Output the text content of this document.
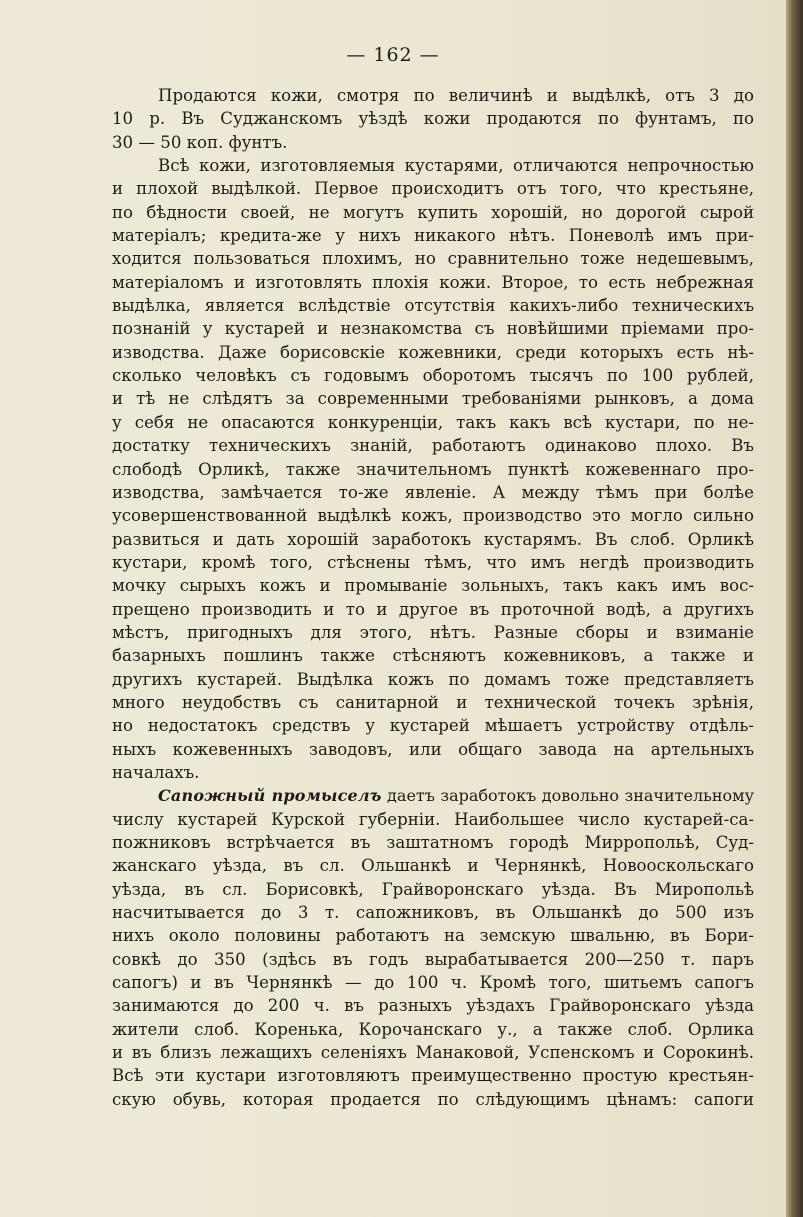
— 162 —
Продаются кожи, смотря по величинѣ и выдѣлкѣ, отъ 3 до
10 р. Въ Суджанскомъ уѣздѣ кожи продаются по фунтамъ, по
30 — 50 коп. фунтъ.
Всѣ кожи, изготовляемыя кустарями, отличаются непрочностью
и плохой выдѣлкой. Первое происходитъ отъ того, что крестьяне,
по бѣдности своей, не могутъ купить хорошій, но дорогой сырой
матеріалъ; кредита-же у нихъ никакого нѣтъ. Поневолѣ имъ при-
ходится пользоваться плохимъ, но сравнительно тоже недешевымъ,
матеріаломъ и изготовлять плохія кожи. Второе, то есть небрежная
выдѣлка, является вслѣдствіе отсутствія какихъ-либо техническихъ
познаній у кустарей и незнакомства съ новѣйшими пріемами про-
изводства. Даже борисовскіе кожевники, среди которыхъ есть нѣ-
сколько человѣкъ съ годовымъ оборотомъ тысячъ по 100 рублей,
и тѣ не слѣдятъ за современными требованіями рынковъ, а дома
у себя не опасаются конкуренціи, такъ какъ всѣ кустари, по не-
достатку техническихъ знаній, работаютъ одинаково плохо. Въ
слободѣ Орликѣ, также значительномъ пунктѣ кожевеннаго про-
изводства, замѣчается то-же явленіе. А между тѣмъ при болѣе
усовершенствованной выдѣлкѣ кожъ, производство это могло сильно
развиться и дать хорошій заработокъ кустарямъ. Въ слоб. Орликѣ
кустари, кромѣ того, стѣснены тѣмъ, что имъ негдѣ производить
мочку сырыхъ кожъ и промываніе зольныхъ, такъ какъ имъ вос-
прещено производить и то и другое въ проточной водѣ, а другихъ
мѣстъ, пригодныхъ для этого, нѣтъ. Разные сборы и взиманіе
базарныхъ пошлинъ также стѣсняютъ кожевниковъ, а также и
другихъ кустарей. Выдѣлка кожъ по домамъ тоже представляетъ
много неудобствъ съ санитарной и технической точекъ зрѣнія,
но недостатокъ средствъ у кустарей мѣшаетъ устройству отдѣль-
ныхъ кожевенныхъ заводовъ, или общаго завода на артельныхъ
началахъ.
Сапожный промыселъ даетъ заработокъ довольно значительному
числу кустарей Курской губерніи. Наибольшее число кустарей-са-
пожниковъ встрѣчается въ заштатномъ городѣ Мирропольѣ, Суд-
жанскаго уѣзда, въ сл. Ольшанкѣ и Чернянкѣ, Новооскольскаго
уѣзда, въ сл. Борисовкѣ, Грайворонскаго уѣзда. Въ Миропольѣ
насчитывается до 3 т. сапожниковъ, въ Ольшанкѣ до 500 изъ
нихъ около половины работаютъ на земскую швальню, въ Бори-
совкѣ до 350 (здѣсь въ годъ вырабатывается 200—250 т. паръ
сапогъ) и въ Чернянкѣ — до 100 ч. Кромѣ того, шитьемъ сапогъ
занимаются до 200 ч. въ разныхъ уѣздахъ Грайворонскаго уѣзда
жители слоб. Коренька, Корочанскаго у., а также слоб. Орлика
и въ близъ лежащихъ селеніяхъ Манаковой, Успенскомъ и Сорокинѣ.
Всѣ эти кустари изготовляютъ преимущественно простую крестьян-
скую обувь, которая продается по слѣдующимъ цѣнамъ: сапоги
